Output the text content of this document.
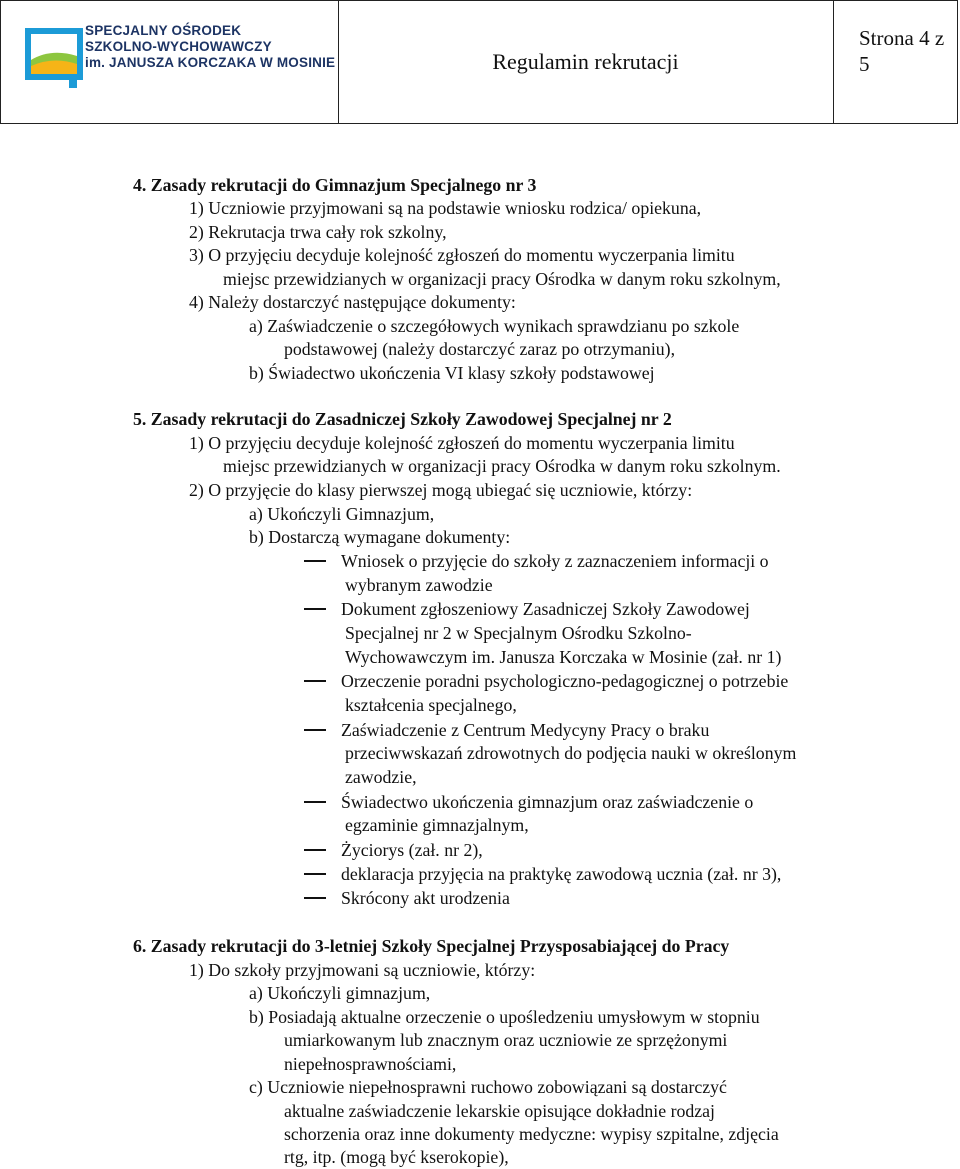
SPECJALNY OŚRODEK
SZKOLNO-WYCHOWAWCZY
im. JANUSZA KORCZAKA W MOSINIE	Regulamin rekrutacji
Strona 4 z
5
4. Zasady rekrutacji do Gimnazjum Specjalnego nr 3
1) Uczniowie przyjmowani są na podstawie wniosku rodzica/ opiekuna,
2) Rekrutacja trwa cały rok szkolny,
3) O przyjęciu decyduje kolejność zgłoszeń do momentu wyczerpania limitu
miejsc przewidzianych w organizacji pracy Ośrodka w danym roku szkolnym,
4) Należy dostarczyć następujące dokumenty:
a) Zaświadczenie o szczegółowych wynikach sprawdzianu po szkole
podstawowej (należy dostarczyć zaraz po otrzymaniu),
b) Świadectwo ukończenia VI klasy szkoły podstawowej
5. Zasady rekrutacji do Zasadniczej Szkoły Zawodowej Specjalnej nr 2
1) O przyjęciu decyduje kolejność zgłoszeń do momentu wyczerpania limitu
miejsc przewidzianych w organizacji pracy Ośrodka w danym roku szkolnym.
2) O przyjęcie do klasy pierwszej mogą ubiegać się uczniowie, którzy:
a) Ukończyli Gimnazjum,
b) Dostarczą wymagane dokumenty:
Wniosek o przyjęcie do szkoły z zaznaczeniem informacji o
wybranym zawodzie
Dokument zgłoszeniowy Zasadniczej Szkoły Zawodowej
Specjalnej nr 2 w Specjalnym Ośrodku Szkolno-
Wychowawczym im. Janusza Korczaka w Mosinie (zał. nr 1)
Orzeczenie poradni psychologiczno-pedagogicznej o potrzebie
kształcenia specjalnego,
Zaświadczenie z Centrum Medycyny Pracy o braku
przeciwwskazań zdrowotnych do podjęcia nauki w określonym
zawodzie,
Świadectwo ukończenia gimnazjum oraz zaświadczenie o
egzaminie gimnazjalnym,
Życiorys (zał. nr 2),
deklaracja przyjęcia na praktykę zawodową ucznia (zał. nr 3),
Skrócony akt urodzenia
6. Zasady rekrutacji do 3-letniej Szkoły Specjalnej Przysposabiającej do Pracy
1) Do szkoły przyjmowani są uczniowie, którzy:
a) Ukończyli gimnazjum,
b) Posiadają aktualne orzeczenie o upośledzeniu umysłowym w stopniu
umiarkowanym lub znacznym oraz uczniowie ze sprzężonymi
niepełnosprawnościami,
c) Uczniowie niepełnosprawni ruchowo zobowiązani są dostarczyć
aktualne zaświadczenie lekarskie opisujące dokładnie rodzaj
schorzenia oraz inne dokumenty medyczne: wypisy szpitalne, zdjęcia
rtg, itp. (mogą być kserokopie),
